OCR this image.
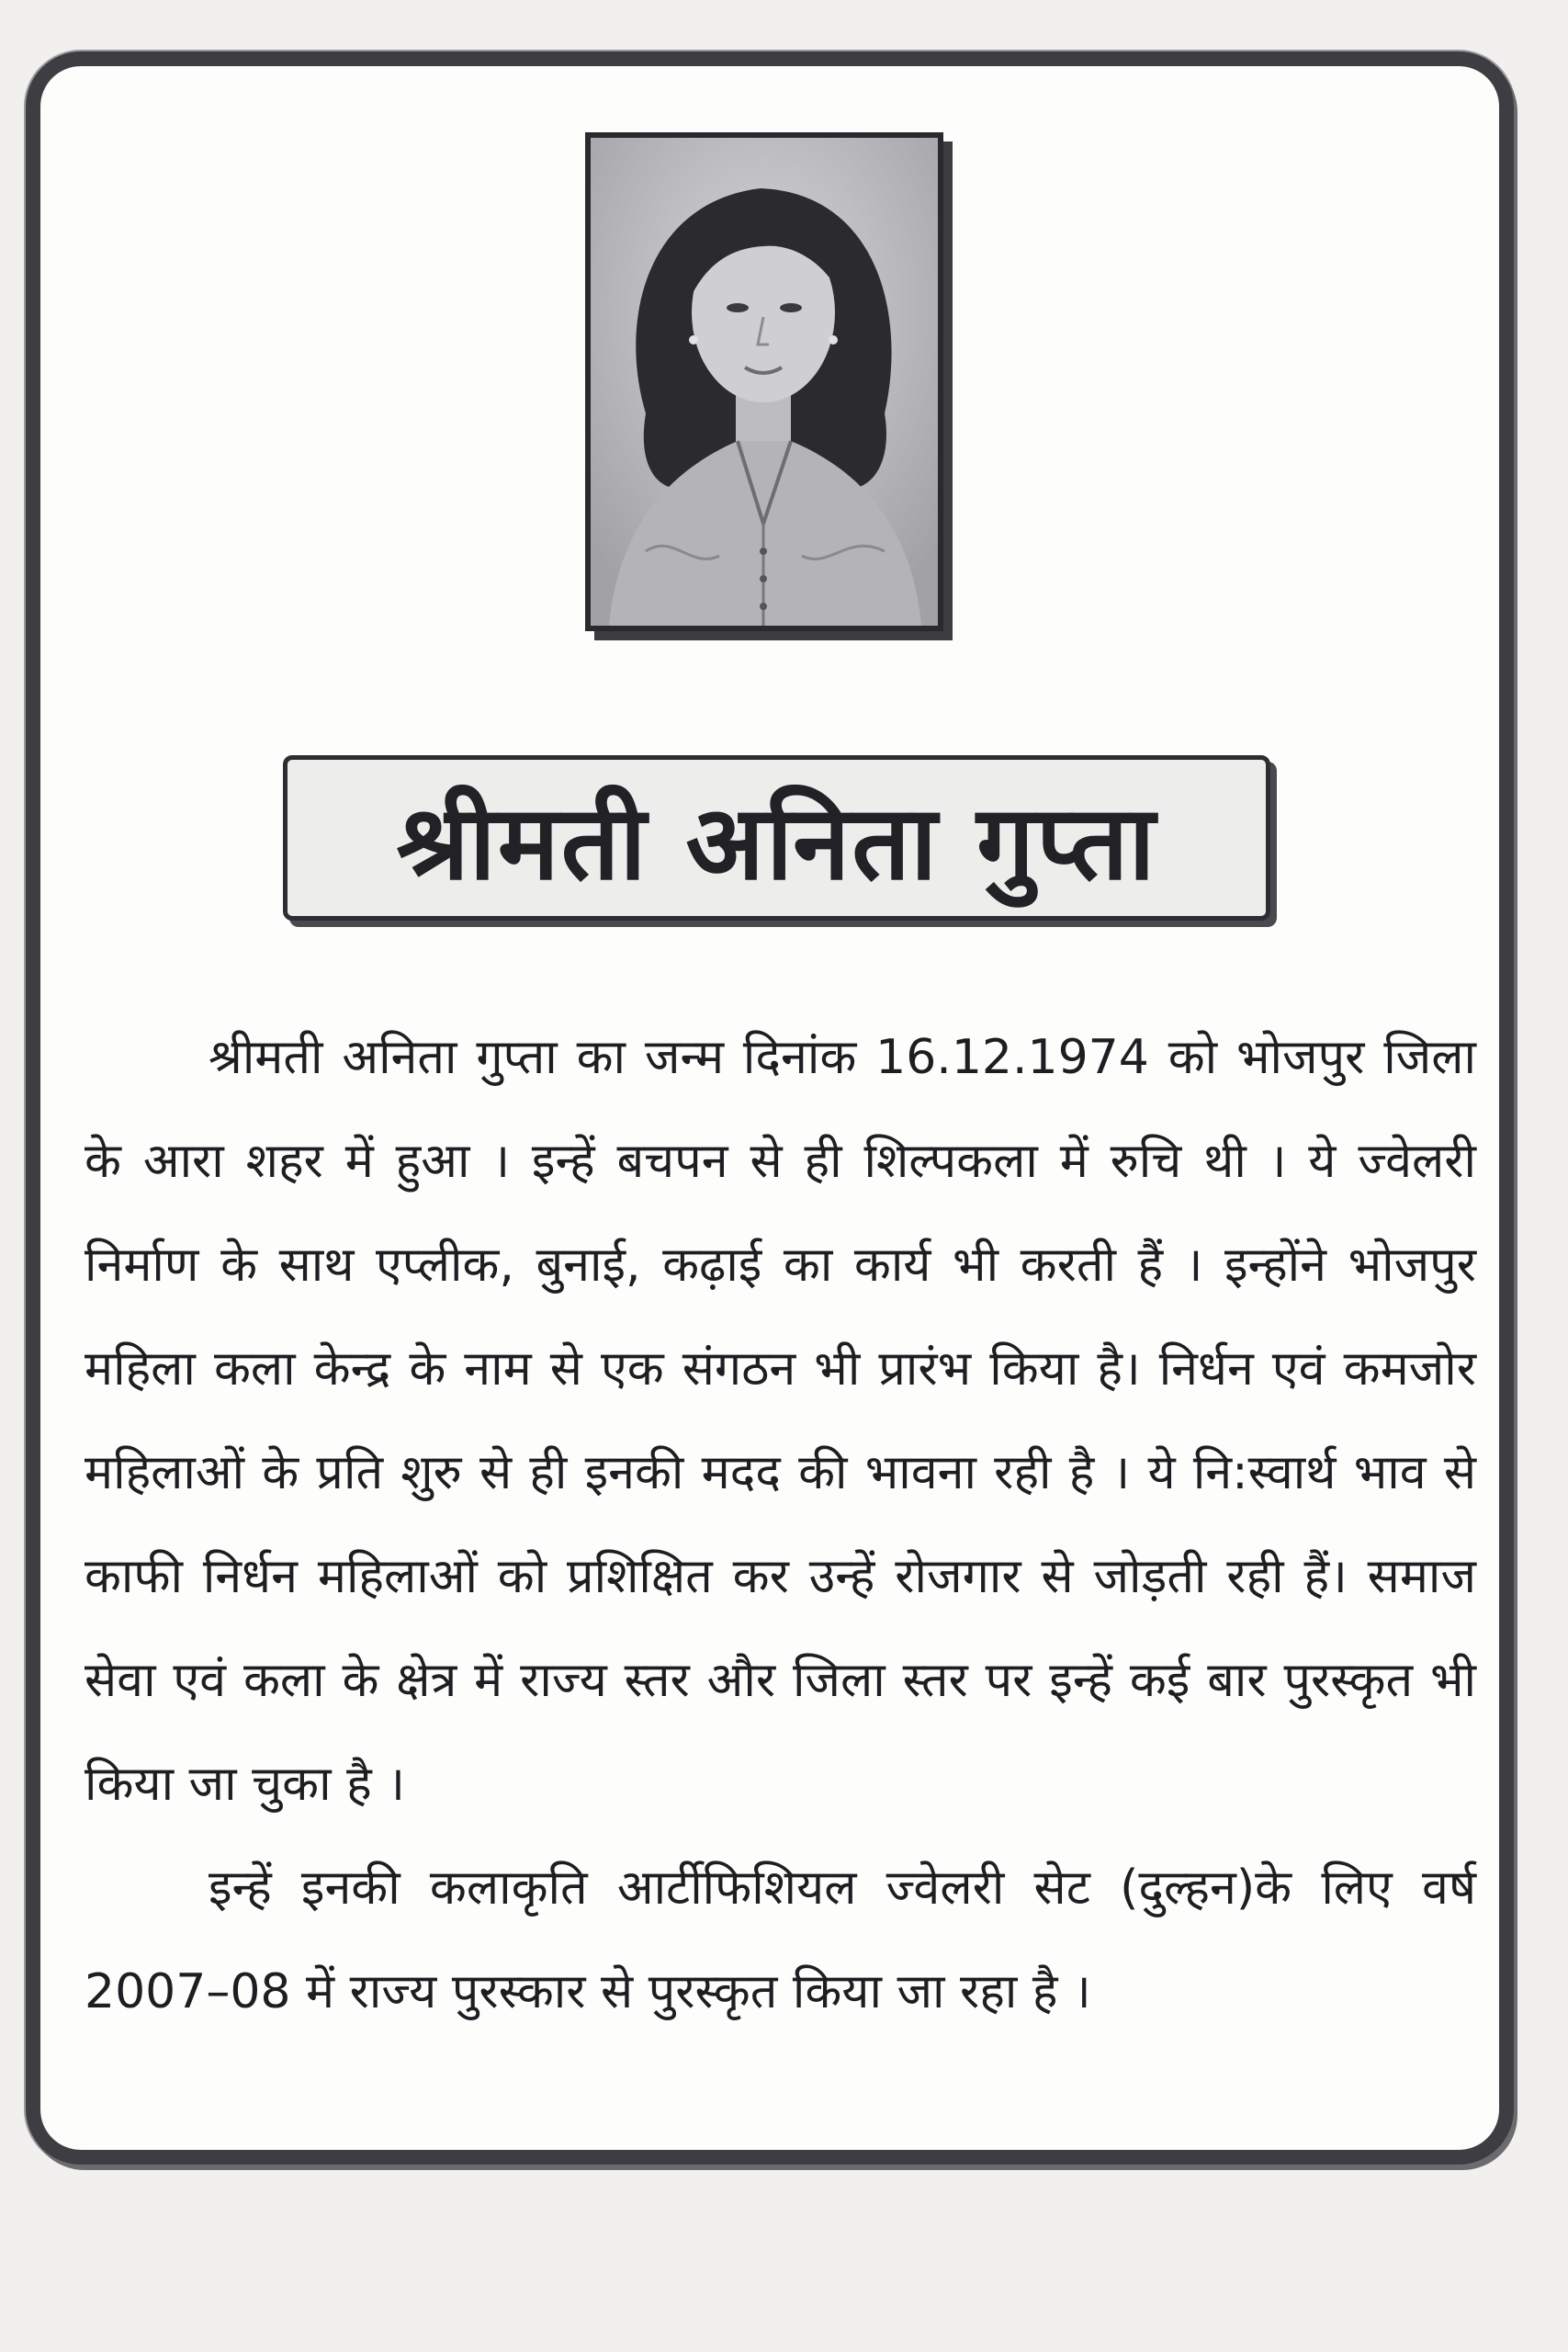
श्रीमती अनिता गुप्ता

श्रीमती अनिता गुप्ता का जन्म दिनांक 16.12.1974 को भोजपुर जिला के आरा शहर में हुआ । इन्हें बचपन से ही शिल्पकला में रुचि थी । ये ज्वेलरी निर्माण के साथ एप्लीक, बुनाई, कढ़ाई का कार्य भी करती हैं । इन्होंने भोजपुर महिला कला केन्द्र के नाम से एक संगठन भी प्रारंभ किया है। निर्धन एवं कमजोर महिलाओं के प्रति शुरु से ही इनकी मदद की भावना रही है । ये नि:स्वार्थ भाव से काफी निर्धन महिलाओं को प्रशिक्षित कर उन्हें रोजगार से जोड़ती रही हैं। समाज सेवा एवं कला के क्षेत्र में राज्य स्तर और जिला स्तर पर इन्हें कई बार पुरस्कृत भी किया जा चुका है ।

इन्हें इनकी कलाकृति आर्टीफिशियल ज्वेलरी सेट (दुल्हन)के लिए वर्ष 2007–08 में राज्य पुरस्कार से पुरस्कृत किया जा रहा है ।
